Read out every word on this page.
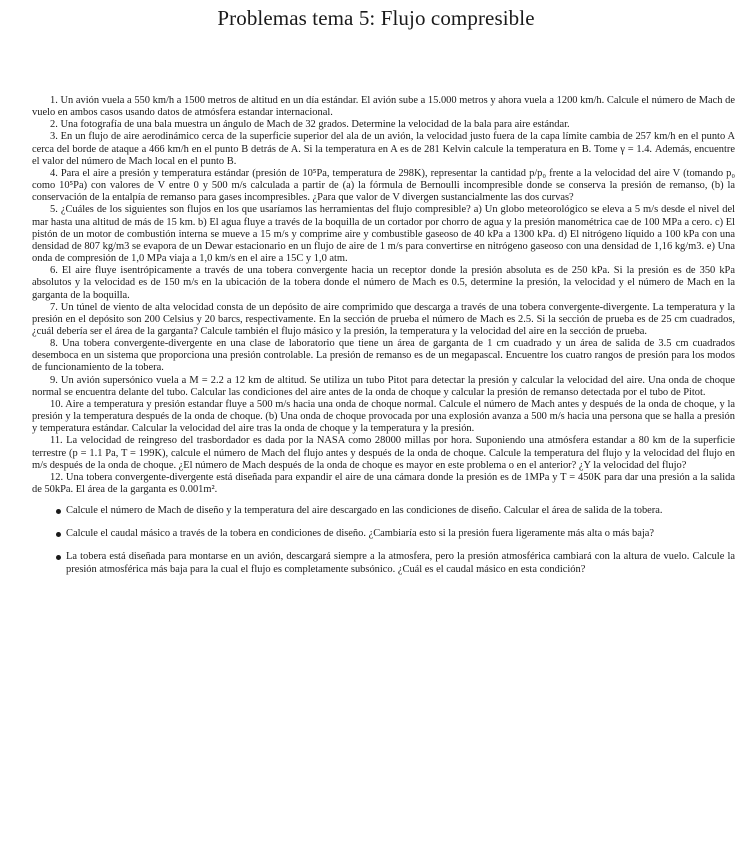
Problemas tema 5: Flujo compresible

1. Un avión vuela a 550 km/h a 1500 metros de altitud en un día estándar. El avión sube a 15.000 metros y ahora vuela a 1200 km/h. Calcule el número de Mach de vuelo en ambos casos usando datos de atmósfera estandar internacional.

2. Una fotografía de una bala muestra un ángulo de Mach de 32 grados. Determine la velocidad de la bala para aire estándar.

3. En un flujo de aire aerodinámico cerca de la superficie superior del ala de un avión, la velocidad justo fuera de la capa límite cambia de 257 km/h en el punto A cerca del borde de ataque a 466 km/h en el punto B detrás de A. Si la temperatura en A es de 281 Kelvin calcule la temperatura en B. Tome γ = 1.4. Además, encuentre el valor del número de Mach local en el punto B.

4. Para el aire a presión y temperatura estándar (presión de 10⁵Pa, temperatura de 298K), representar la cantidad p/p₀ frente a la velocidad del aire V (tomando p₀ como 10⁵Pa) con valores de V entre 0 y 500 m/s calculada a partir de (a) la fórmula de Bernoulli incompresible donde se conserva la presión de remanso, (b) la conservación de la entalpía de remanso para gases incompresibles. ¿Para que valor de V divergen sustancialmente las dos curvas?

5. ¿Cuáles de los siguientes son flujos en los que usaríamos las herramientas del flujo compresible? a) Un globo meteorológico se eleva a 5 m/s desde el nivel del mar hasta una altitud de más de 15 km. b) El agua fluye a través de la boquilla de un cortador por chorro de agua y la presión manométrica cae de 100 MPa a cero. c) El pistón de un motor de combustión interna se mueve a 15 m/s y comprime aire y combustible gaseoso de 40 kPa a 1300 kPa. d) El nitrógeno líquido a 100 kPa con una densidad de 807 kg/m3 se evapora de un Dewar estacionario en un flujo de aire de 1 m/s para convertirse en nitrógeno gaseoso con una densidad de 1,16 kg/m3. e) Una onda de compresión de 1,0 MPa viaja a 1,0 km/s en el aire a 15C y 1,0 atm.

6. El aire fluye isentrópicamente a través de una tobera convergente hacia un receptor donde la presión absoluta es de 250 kPa. Si la presión es de 350 kPa absolutos y la velocidad es de 150 m/s en la ubicación de la tobera donde el número de Mach es 0.5, determine la presión, la velocidad y el número de Mach en la garganta de la boquilla.

7. Un túnel de viento de alta velocidad consta de un depósito de aire comprimido que descarga a través de una tobera convergente-divergente. La temperatura y la presión en el depósito son 200 Celsius y 20 barcs, respectivamente. En la sección de prueba el número de Mach es 2.5. Si la sección de prueba es de 25 cm cuadrados, ¿cuál debería ser el área de la garganta? Calcule también el flujo másico y la presión, la temperatura y la velocidad del aire en la sección de prueba.

8. Una tobera convergente-divergente en una clase de laboratorio que tiene un área de garganta de 1 cm cuadrado y un área de salida de 3.5 cm cuadrados desemboca en un sistema que proporciona una presión controlable. La presión de remanso es de un megapascal. Encuentre los cuatro rangos de presión para los modos de funcionamiento de la tobera.

9. Un avión supersónico vuela a M = 2.2 a 12 km de altitud. Se utiliza un tubo Pitot para detectar la presión y calcular la velocidad del aire. Una onda de choque normal se encuentra delante del tubo. Calcular las condiciones del aire antes de la onda de choque y calcular la presión de remanso detectada por el tubo de Pitot.

10. Aire a temperatura y presión estandar fluye a 500 m/s hacia una onda de choque normal. Calcule el número de Mach antes y después de la onda de choque, y la presión y la temperatura después de la onda de choque. (b) Una onda de choque provocada por una explosión avanza a 500 m/s hacia una persona que se halla a presión y temperatura estándar. Calcular la velocidad del aire tras la onda de choque y la temperatura y la presión.

11. La velocidad de reingreso del trasbordador es dada por la NASA como 28000 millas por hora. Suponiendo una atmósfera estandar a 80 km de la superficie terrestre (p = 1.1 Pa, T = 199K), calcule el número de Mach del flujo antes y después de la onda de choque. Calcule la temperatura del flujo y la velocidad del flujo en m/s después de la onda de choque. ¿El número de Mach después de la onda de choque es mayor en este problema o en el anterior? ¿Y la velocidad del flujo?

12. Una tobera convergente-divergente está diseñada para expandir el aire de una cámara donde la presión es de 1MPa y T = 450K para dar una presión a la salida de 50kPa. El área de la garganta es 0.001m².

Calcule el número de Mach de diseño y la temperatura del aire descargado en las condiciones de diseño. Calcular el área de salida de la tobera.
Calcule el caudal másico a través de la tobera en condiciones de diseño. ¿Cambiaría esto si la presión fuera ligeramente más alta o más baja?
La tobera está diseñada para montarse en un avión, descargará siempre a la atmosfera, pero la presión atmosférica cambiará con la altura de vuelo. Calcule la presión atmosférica más baja para la cual el flujo es completamente subsónico. ¿Cuál es el caudal másico en esta condición?
